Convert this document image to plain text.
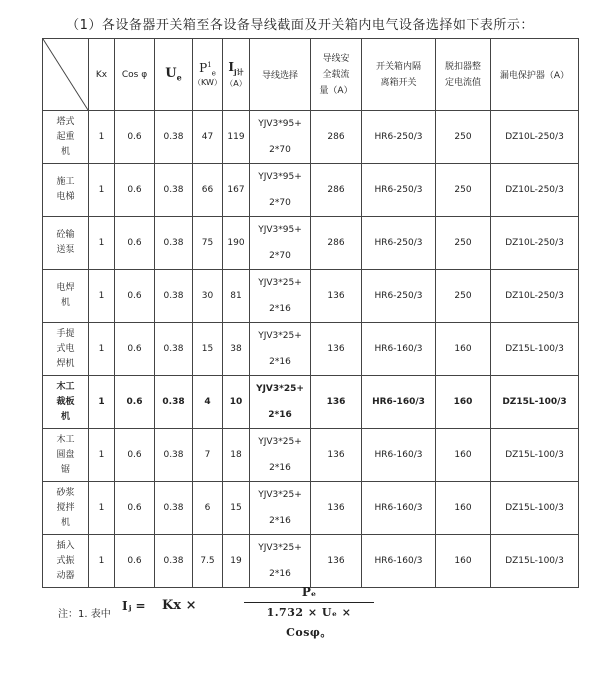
（1）各设备器开关箱至各设备导线截面及开关箱内电气设备选择如下表所示：
	Kx	Cos φ	$U_e$	$P^1_e$
（KW）	$I_{j计}$
（A）	导线选择	导线安
全载流
量（A）	开关箱内隔
离箱开关	脱扣器整
定电流值	漏电保护器（A）

塔式
起重
机	1	0.6	0.38	47	119	YJV3*95+
2*70	286	HR6-250/3	250	DZ10L-250/3

施工
电梯	1	0.6	0.38	66	167	YJV3*95+
2*70	286	HR6-250/3	250	DZ10L-250/3

砼输
送泵	1	0.6	0.38	75	190	YJV3*95+
2*70	286	HR6-250/3	250	DZ10L-250/3

电焊
机	1	0.6	0.38	30	81	YJV3*25+
2*16	136	HR6-250/3	250	DZ10L-250/3

手提
式电
焊机	1	0.6	0.38	15	38	YJV3*25+
2*16	136	HR6-160/3	160	DZ15L-100/3

木工
裁板
机	1	0.6	0.38	4	10	YJV3*25+
2*16	136	HR6-160/3	160	DZ15L-100/3

木工
圆盘
锯	1	0.6	0.38	7	18	YJV3*25+
2*16	136	HR6-160/3	160	DZ15L-100/3

砂浆
搅拌
机	1	0.6	0.38	6	15	YJV3*25+
2*16	136	HR6-160/3	160	DZ15L-100/3

插入
式振
动器	1	0.6	0.38	7.5	19	YJV3*25+
2*16	136	HR6-160/3	160	DZ15L-100/3
注：1. 表中
Iⱼ = Kx ×
Pₑ
1.732 × Uₑ × Cosφ。
